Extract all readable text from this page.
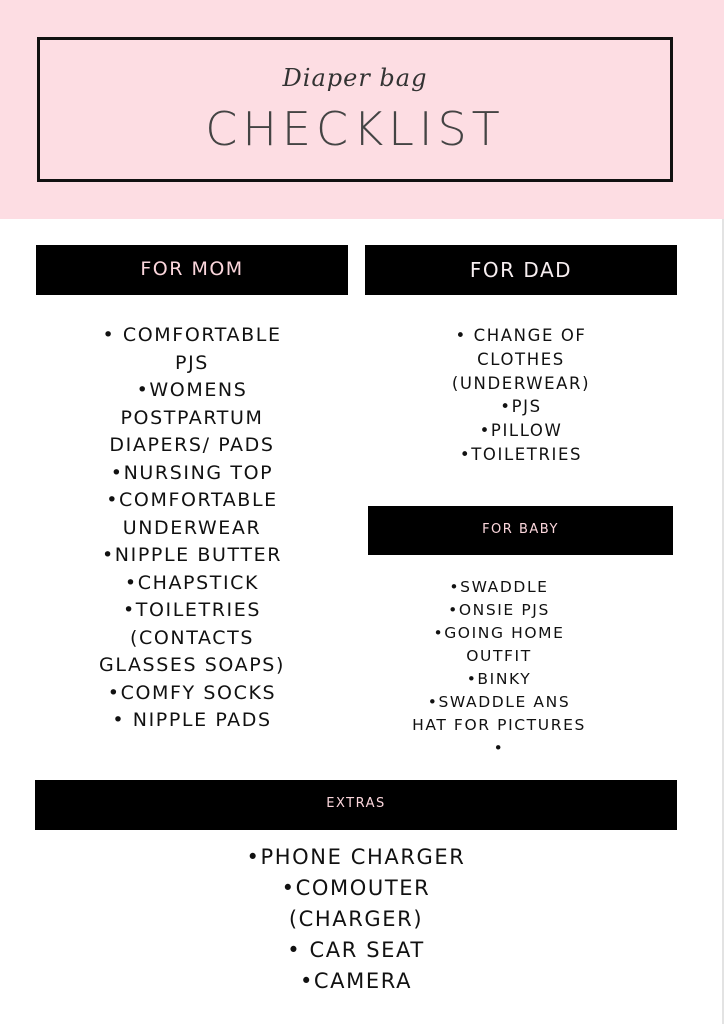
Diaper bag
CHECKLIST
FOR MOM	FOR DAD
FOR BABY
EXTRAS
• COMFORTABLE
PJS
•WOMENS
POSTPARTUM
DIAPERS/ PADS
•NURSING TOP
•COMFORTABLE
UNDERWEAR
•NIPPLE BUTTER
•CHAPSTICK
•TOILETRIES
(CONTACTS
GLASSES SOAPS)
•COMFY SOCKS
• NIPPLE PADS
• CHANGE OF
CLOTHES
(UNDERWEAR)
•PJS
•PILLOW
•TOILETRIES
•SWADDLE
•ONSIE PJS
•GOING HOME
OUTFIT
•BINKY
•SWADDLE ANS
HAT FOR PICTURES
•
•PHONE CHARGER
•COMOUTER
(CHARGER)
• CAR SEAT
•CAMERA
